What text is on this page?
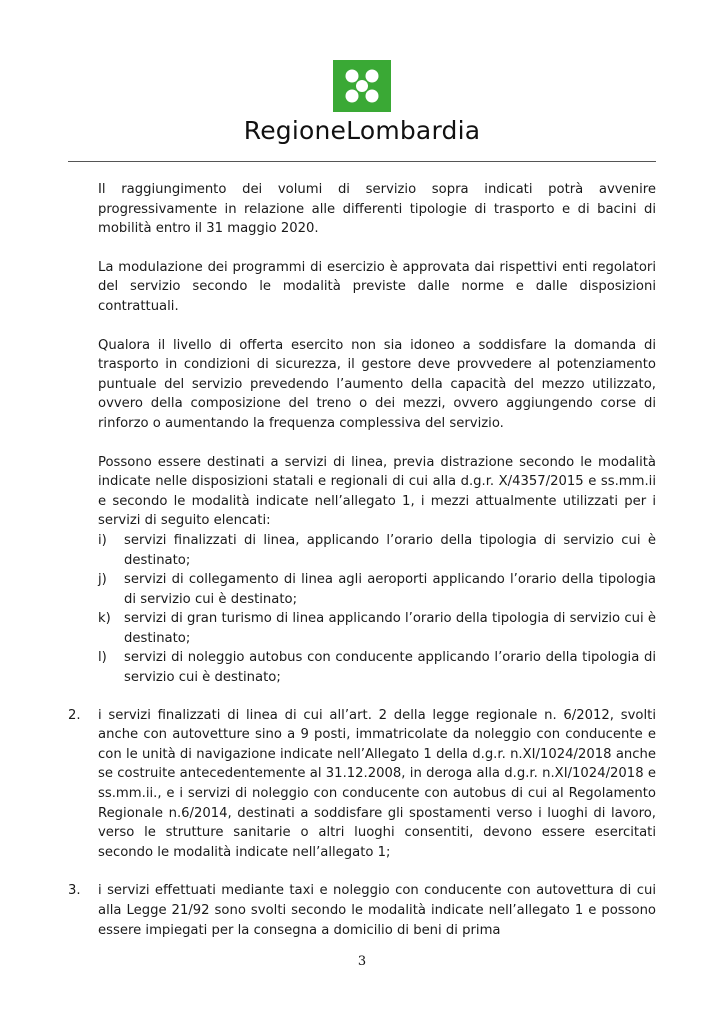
RegioneLombardia

Il raggiungimento dei volumi di servizio sopra indicati potrà avvenire progressivamente in relazione alle differenti tipologie di trasporto e di bacini di mobilità entro il 31 maggio 2020.

La modulazione dei programmi di esercizio è approvata dai rispettivi enti regolatori del servizio secondo le modalità previste dalle norme e dalle disposizioni contrattuali.

Qualora il livello di offerta esercito non sia idoneo a soddisfare la domanda di trasporto in condizioni di sicurezza, il gestore deve provvedere al potenziamento puntuale del servizio prevedendo l’aumento della capacità del mezzo utilizzato, ovvero della composizione del treno o dei mezzi, ovvero aggiungendo corse di rinforzo o aumentando la frequenza complessiva del servizio.

Possono essere destinati a servizi di linea, previa distrazione secondo le modalità indicate nelle disposizioni statali e regionali di cui alla d.g.r. X/4357/2015 e ss.mm.ii e secondo le modalità indicate nell’allegato 1, i mezzi attualmente utilizzati per i servizi di seguito elencati:

i) servizi finalizzati di linea, applicando l’orario della tipologia di servizio cui è destinato;
j) servizi di collegamento di linea agli aeroporti applicando l’orario della tipologia di servizio cui è destinato;
k) servizi di gran turismo di linea applicando l’orario della tipologia di servizio cui è destinato;
l) servizi di noleggio autobus con conducente applicando l’orario della tipologia di servizio cui è destinato;
2. i servizi finalizzati di linea di cui all’art. 2 della legge regionale n. 6/2012, svolti anche con autovetture sino a 9 posti, immatricolate da noleggio con conducente e con le unità di navigazione indicate nell’Allegato 1 della d.g.r. n.XI/1024/2018 anche se costruite antecedentemente al 31.12.2008, in deroga alla d.g.r. n.XI/1024/2018 e ss.mm.ii., e i servizi di noleggio con conducente con autobus di cui al Regolamento Regionale n.6/2014, destinati a soddisfare gli spostamenti verso i luoghi di lavoro, verso le strutture sanitarie o altri luoghi consentiti, devono essere esercitati secondo le modalità indicate nell’allegato 1;
3. i servizi effettuati mediante taxi e noleggio con conducente con autovettura di cui alla Legge 21/92 sono svolti secondo le modalità indicate nell’allegato 1 e possono essere impiegati per la consegna a domicilio di beni di prima
3
